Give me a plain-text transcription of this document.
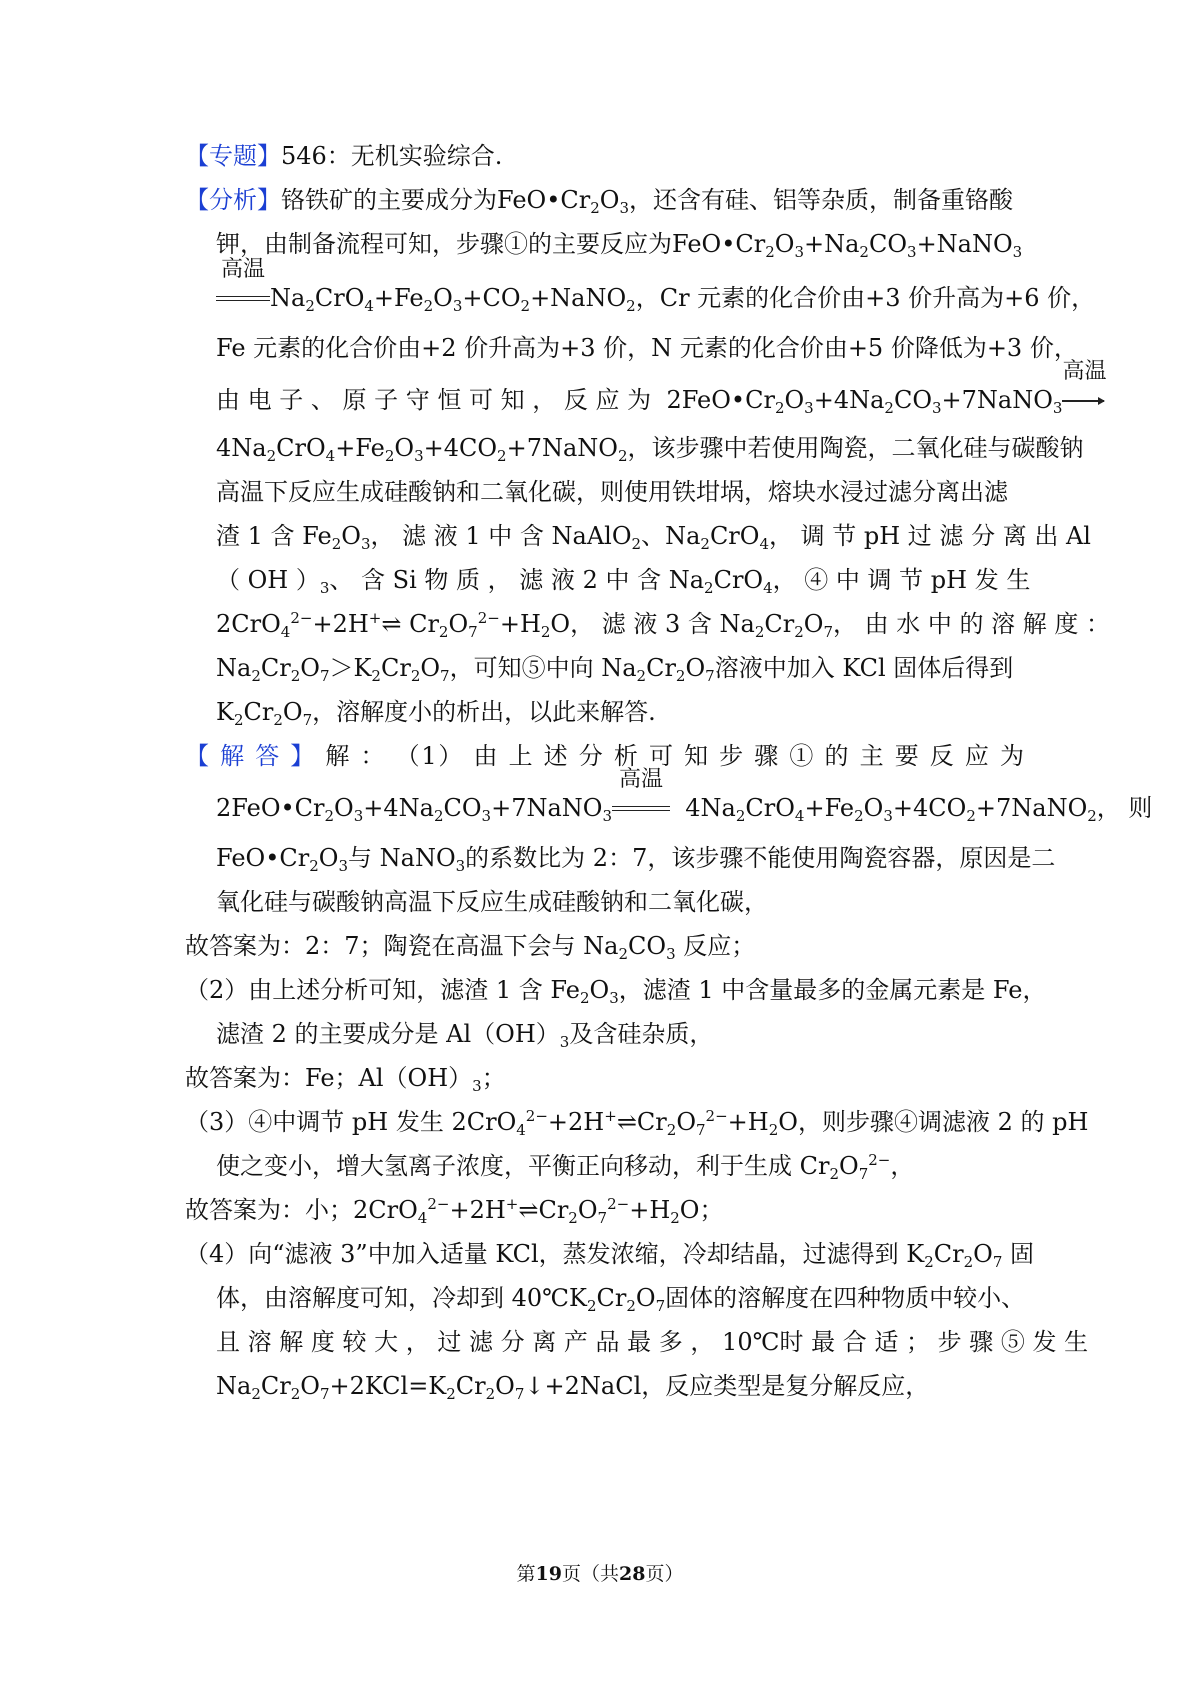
【专题】546：无机实验综合.
【分析】铬铁矿的主要成分为$FeO•Cr_2O_3$，还含有硅、铝等杂质，制备重铬酸
钾，由制备流程可知，步骤①的主要反应为$FeO•Cr_2O_3+Na_2CO_3+NaNO_3$
高温
$Na_2CrO_4+Fe_2O_3+CO_2+NaNO_2$，Cr 元素的化合价由+3 价升高为+6 价，
Fe 元素的化合价由+2 价升高为+3 价，N 元素的化合价由+5 价降低为+3 价，
由 电 子 、 原 子 守 恒 可 知 ， 反 应 为  $2FeO•Cr_2O_3+4Na_2CO_3+7NaNO_3$
高温
$4Na_2CrO_4+Fe_2O_3+4CO_2+7NaNO_2$，该步骤中若使用陶瓷，二氧化硅与碳酸钠
高温下反应生成硅酸钠和二氧化碳，则使用铁坩埚，熔块水浸过滤分离出滤
渣 1 含 $Fe_2O_3$， 滤 液 1 中 含 NaAlO$_2$、$Na_2CrO_4$， 调 节 pH 过 滤 分 离 出 Al
（ OH ）$_3$、 含 Si 物 质 ， 滤 液 2 中 含 $Na_2CrO_4$， ④ 中 调 节 pH 发 生
2CrO$_4^{2-}$+2H+⇌ $Cr_2O_7^{2-}+H_2O$， 滤 液 3 含 $Na_2Cr_2O_7$， 由 水 中 的 溶 解 度 ：
$Na_2Cr_2O_7>K_2Cr_2O_7$，可知⑤中向 $Na_2Cr_2O_7$溶液中加入 KCl 固体后得到
$K_2Cr_2O_7$，溶解度小的析出，以此来解答.
【 解 答 】 解 ： （1） 由 上 述 分 析 可 知 步 骤 ① 的 主 要 反 应 为
$2FeO•Cr_2O_3+4Na_2CO_3+7NaNO_3$
高温
$4Na_2CrO_4+Fe_2O_3+4CO_2+7NaNO_2$， 则
$FeO•Cr_2O_3$与 NaNO$_3$的系数比为 2：7，该步骤不能使用陶瓷容器，原因是二
氧化硅与碳酸钠高温下反应生成硅酸钠和二氧化碳，
故答案为：2：7；陶瓷在高温下会与 $Na_2CO_3$ 反应；
（2）由上述分析可知，滤渣 1 含 $Fe_2O_3$，滤渣 1 中含量最多的金属元素是 Fe，
滤渣 2 的主要成分是 $Al(OH)_3$及含硅杂质，
故答案为：Fe；$Al(OH)_3$；
（3）④中调节 pH 发生 $2CrO_4^{2-}+2H^+\rightleftharpoons Cr_2O_7^{2-}+H_2O$，则步骤④调滤液 2 的 pH
使之变小，增大氢离子浓度，平衡正向移动，利于生成 $Cr_2O_7^{2-}$，
故答案为：小；$2CrO_4^{2-}+2H^+\rightleftharpoons Cr_2O_7^{2-}+H_2O$；
（4）向“滤液 3”中加入适量 KCl，蒸发浓缩，冷却结晶，过滤得到 $K_2Cr_2O_7$ 固
体，由溶解度可知，冷却到 $40℃K_2Cr_2O_7$固体的溶解度在四种物质中较小、
且 溶 解 度 较 大 ， 过 滤 分 离 产 品 最 多 ， 10℃时 最 合 适 ； 步 骤 ⑤ 发 生
$Na_2Cr_2O_7+2KCl=K_2Cr_2O_7↓+2NaCl$，反应类型是复分解反应，
第19页（共28页）
